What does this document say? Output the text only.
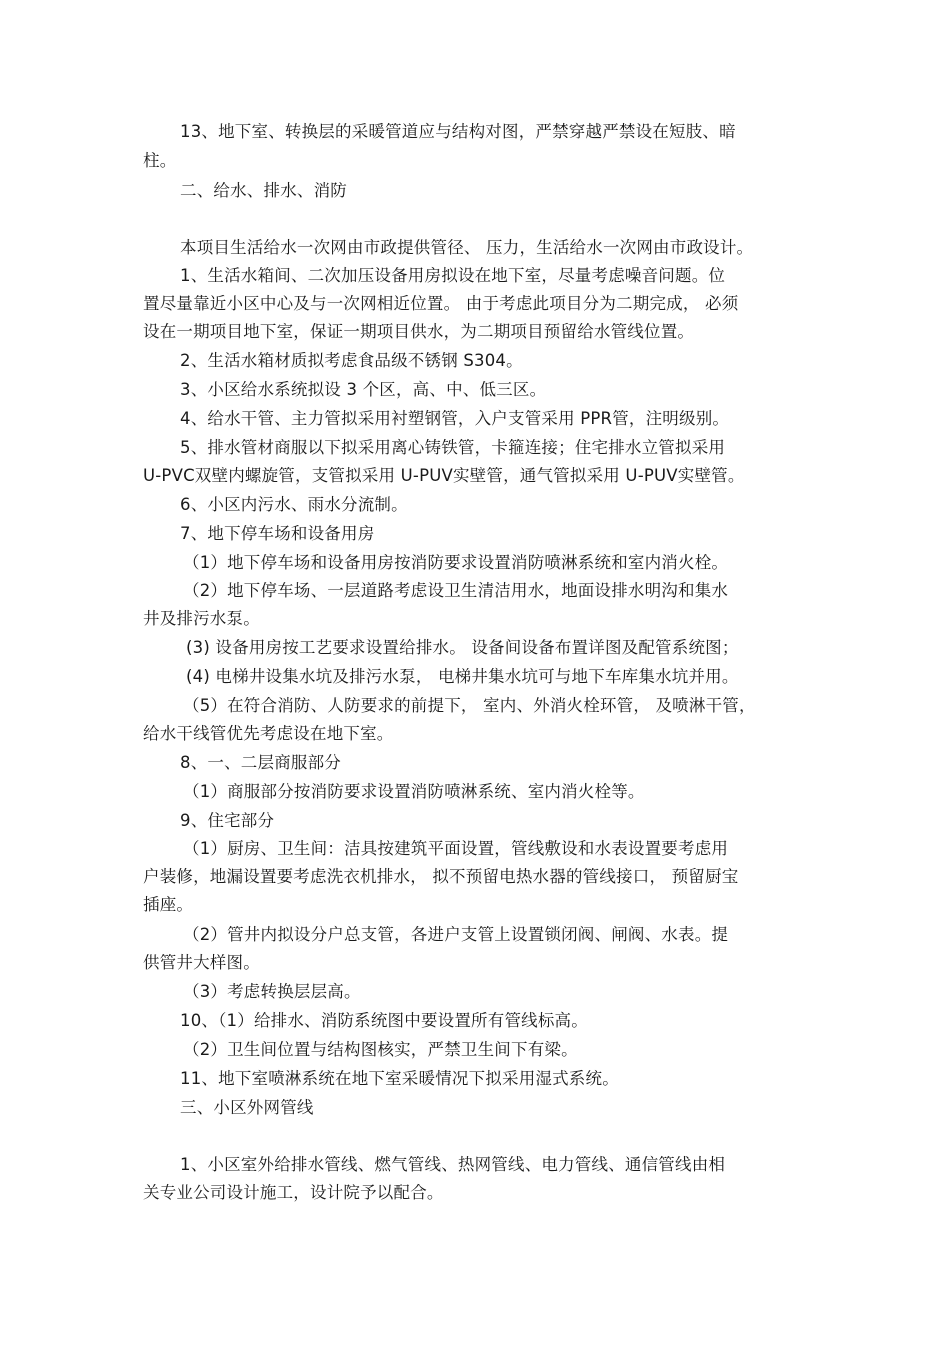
13、地下室、转换层的采暖管道应与结构对图，严禁穿越严禁设在短肢、暗

柱。

二、给水、排水、消防

本项目生活给水一次网由市政提供管径、 压力，生活给水一次网由市政设计。

1、生活水箱间、二次加压设备用房拟设在地下室，尽量考虑噪音问题。位

置尽量靠近小区中心及与一次网相近位置。 由于考虑此项目分为二期完成， 必须

设在一期项目地下室，保证一期项目供水，为二期项目预留给水管线位置。

2、生活水箱材质拟考虑食品级不锈钢 S304。

3、小区给水系统拟设 3 个区，高、中、低三区。

4、给水干管、主力管拟采用衬塑钢管，入户支管采用 PPR管，注明级别。

5、排水管材商服以下拟采用离心铸铁管，卡箍连接；住宅排水立管拟采用

U-PVC双壁内螺旋管，支管拟采用 U-PUV实壁管，通气管拟采用 U-PUV实壁管。

6、小区内污水、雨水分流制。

7、地下停车场和设备用房

（1）地下停车场和设备用房按消防要求设置消防喷淋系统和室内消火栓。

（2）地下停车场、一层道路考虑设卫生清洁用水，地面设排水明沟和集水

井及排污水泵。

(3) 设备用房按工艺要求设置给排水。 设备间设备布置详图及配管系统图；

(4) 电梯井设集水坑及排污水泵， 电梯井集水坑可与地下车库集水坑并用。

（5）在符合消防、人防要求的前提下， 室内、外消火栓环管， 及喷淋干管，

给水干线管优先考虑设在地下室。

8、一、二层商服部分

（1）商服部分按消防要求设置消防喷淋系统、室内消火栓等。

9、住宅部分

（1）厨房、卫生间：洁具按建筑平面设置，管线敷设和水表设置要考虑用

户装修，地漏设置要考虑洗衣机排水， 拟不预留电热水器的管线接口， 预留厨宝

插座。

（2）管井内拟设分户总支管，各进户支管上设置锁闭阀、闸阀、水表。提

供管井大样图。

（3）考虑转换层层高。

10、（1）给排水、消防系统图中要设置所有管线标高。

（2）卫生间位置与结构图核实，严禁卫生间下有梁。

11、地下室喷淋系统在地下室采暖情况下拟采用湿式系统。

三、小区外网管线

1、小区室外给排水管线、燃气管线、热网管线、电力管线、通信管线由相

关专业公司设计施工，设计院予以配合。
